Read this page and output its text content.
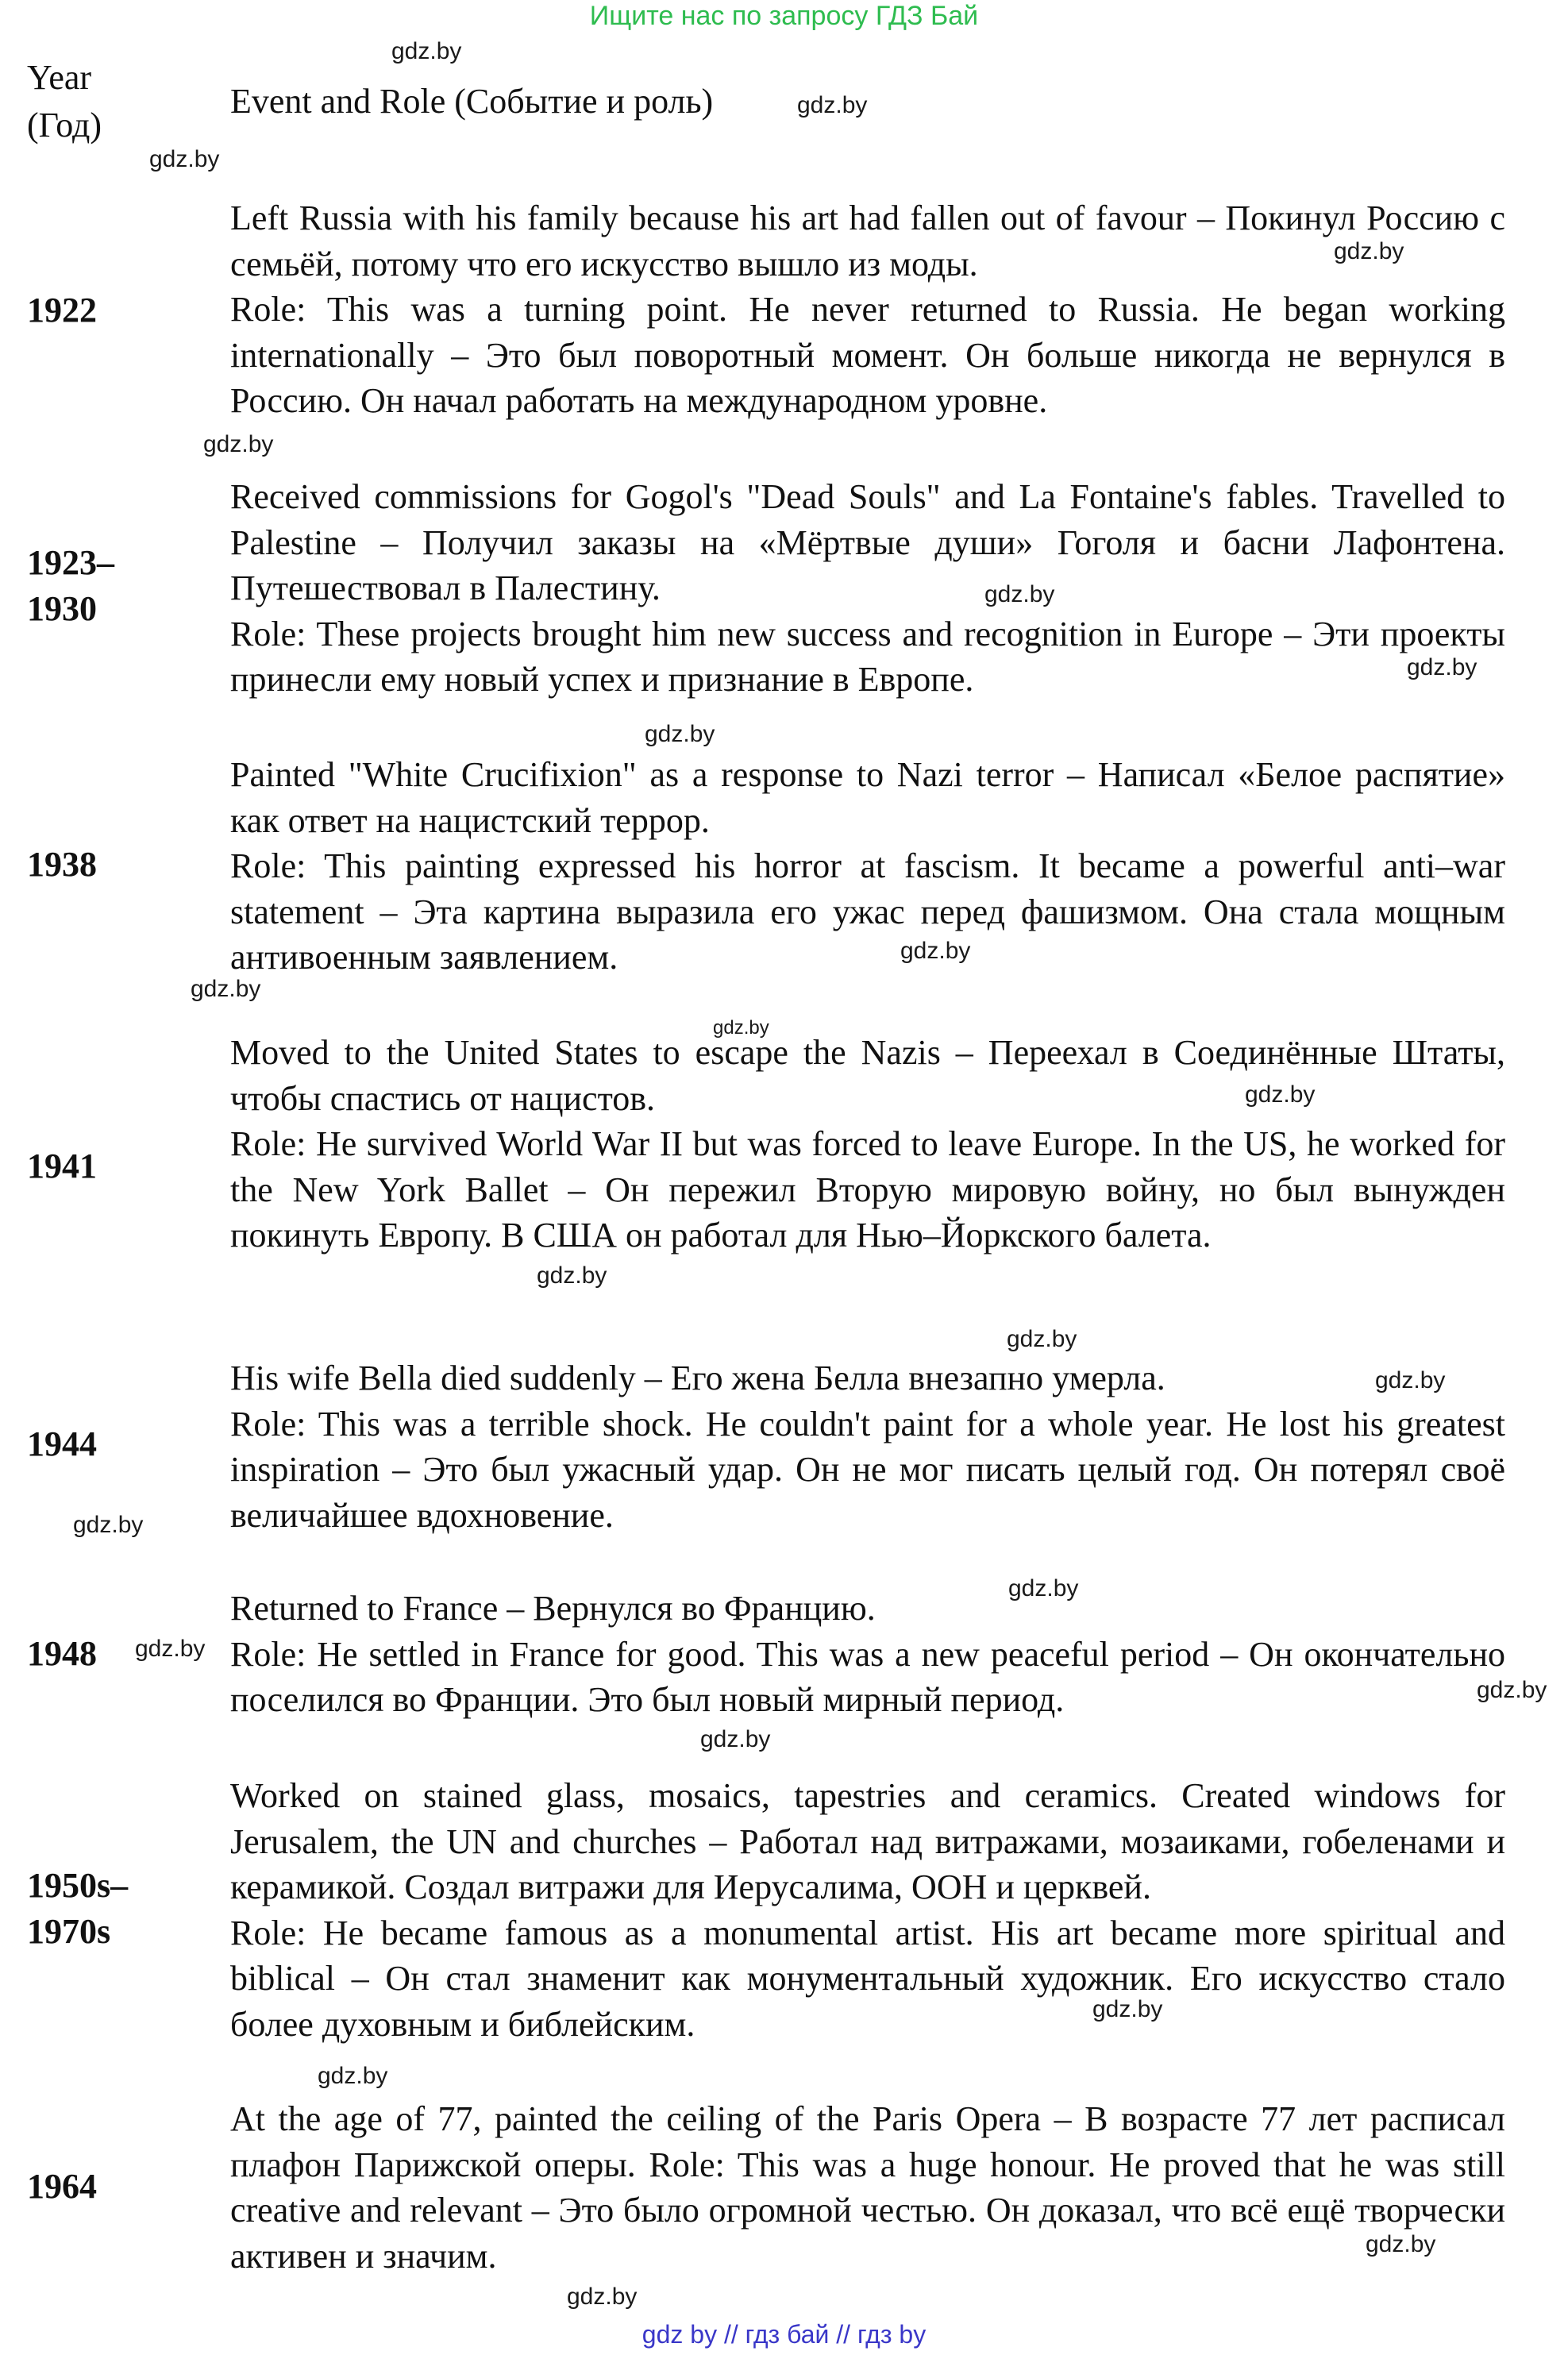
Ищите нас по запросу ГДЗ Бай
Year
(Год)
Event and Role (Событие и роль)
1922

Left Russia with his family because his art had fallen out of favour – Покинул Россию с семьёй, потому что его искусство вышло из моды.

Role: This was a turning point. He never returned to Russia. He began working internationally – Это был поворотный момент. Он больше никогда не вернулся в Россию. Он начал работать на международном уровне.

1923–
1930

Received commissions for Gogol's "Dead Souls" and La Fontaine's fables. Travelled to Palestine – Получил заказы на «Мёртвые души» Гоголя и басни Лафонтена. Путешествовал в Палестину.

Role: These projects brought him new success and recognition in Europe – Эти проекты принесли ему новый успех и признание в Европе.

1938

Painted "White Crucifixion" as a response to Nazi terror – Написал «Белое распятие» как ответ на нацистский террор.

Role: This painting expressed his horror at fascism. It became a powerful anti–war statement – Эта картина выразила его ужас перед фашизмом. Она стала мощным антивоенным заявлением.

1941

Moved to the United States to escape the Nazis – Переехал в Соединённые Штаты, чтобы спастись от нацистов.

Role: He survived World War II but was forced to leave Europe. In the US, he worked for the New York Ballet – Он пережил Вторую мировую войну, но был вынужден покинуть Европу. В США он работал для Нью–Йоркского балета.

1944

His wife Bella died suddenly – Его жена Белла внезапно умерла.

Role: This was a terrible shock. He couldn't paint for a whole year. He lost his greatest inspiration – Это был ужасный удар. Он не мог писать целый год. Он потерял своё величайшее вдохновение.

1948

Returned to France – Вернулся во Францию.

Role: He settled in France for good. This was a new peaceful period – Он окончательно поселился во Франции. Это был новый мирный период.

1950s–
1970s

Worked on stained glass, mosaics, tapestries and ceramics. Created windows for Jerusalem, the UN and churches – Работал над витражами, мозаиками, гобеленами и керамикой. Создал витражи для Иерусалима, ООН и церквей.

Role: He became famous as a monumental artist. His art became more spiritual and biblical – Он стал знаменит как монументальный художник. Его искусство стало более духовным и библейским.

1964

At the age of 77, painted the ceiling of the Paris Opera – В возрасте 77 лет расписал плафон Парижской оперы. Role: This was a huge honour. He proved that he was still creative and relevant – Это было огромной честью. Он доказал, что всё ещё творчески активен и значим.

gdz.by
gdz.by
gdz.by
gdz.by
gdz.by
gdz.by
gdz.by
gdz.by
gdz.by
gdz.by
gdz.by
gdz.by
gdz.by
gdz.by
gdz.by
gdz.by
gdz.by
gdz.by
gdz.by
gdz.by
gdz.by
gdz.by
gdz.by
gdz.by
gdz by // гдз бай // гдз by
